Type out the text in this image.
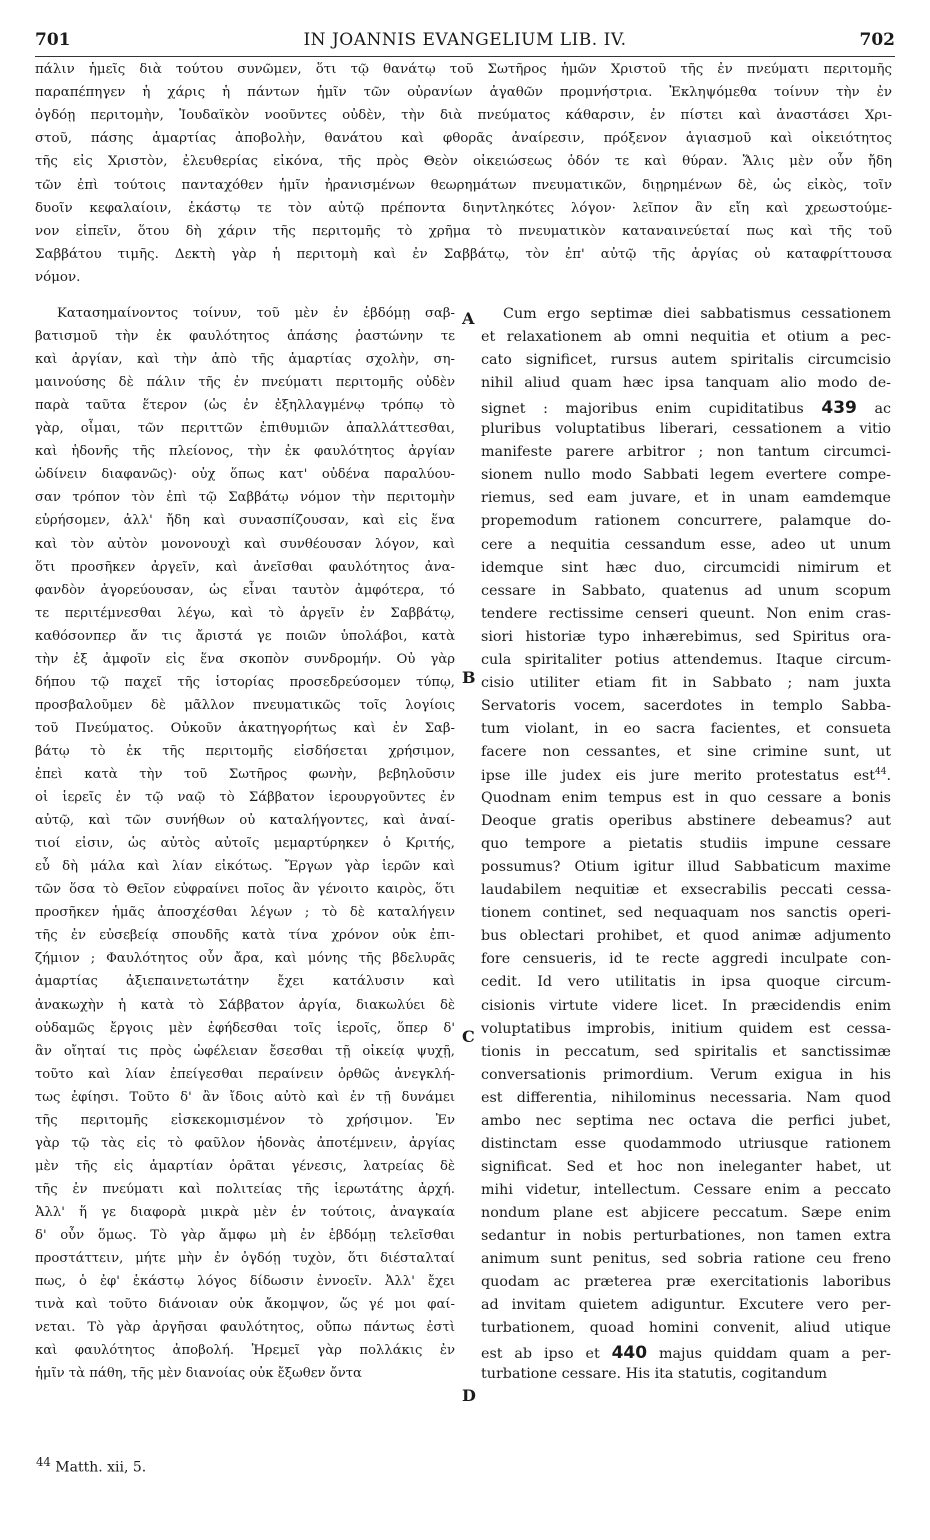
IN JOANNIS EVANGELIUM LIB. IV.
701	702
πάλιν ἡμεῖς διὰ τούτου συνῶμεν, ὅτι τῷ θανάτῳ τοῦ Σωτῆρος ἡμῶν Χριστοῦ τῆς ἐν πνεύματι περιτομῆς
παραπέπηγεν ἡ χάρις ἡ πάντων ἡμῖν τῶν οὐρανίων ἀγαθῶν προμνήστρια. Ἐκληψόμεθα τοίνυν τὴν ἐν
ὀγδόῃ περιτομὴν, Ἰουδαϊκὸν νοοῦντες οὐδὲν, τὴν διὰ πνεύματος κάθαρσιν, ἐν πίστει καὶ ἀναστάσει Χρι-
στοῦ, πάσης ἁμαρτίας ἀποβολὴν, θανάτου καὶ φθορᾶς ἀναίρεσιν, πρόξενον ἁγιασμοῦ καὶ οἰκειότητος
τῆς εἰς Χριστὸν, ἐλευθερίας εἰκόνα, τῆς πρὸς Θεὸν οἰκειώσεως ὁδόν τε καὶ θύραν. Ἅλις μὲν οὖν ἤδη
τῶν ἐπὶ τούτοις πανταχόθεν ἡμῖν ἠρανισμένων θεωρημάτων πνευματικῶν, διῃρημένων δὲ, ὡς εἰκὸς, τοῖν
δυοῖν κεφαλαίοιν, ἑκάστῳ τε τὸν αὐτῷ πρέποντα διηντληκότες λόγον· λεῖπον ἂν εἴη καὶ χρεωστούμε-
νον εἰπεῖν, ὅτου δὴ χάριν τῆς περιτομῆς τὸ χρῆμα τὸ πνευματικὸν καταναινεύεταί πως καὶ τῆς τοῦ
Σαββάτου τιμῆς. Δεκτὴ γὰρ ἡ περιτομὴ καὶ ἐν Σαββάτῳ, τὸν ἐπ' αὐτῷ τῆς ἀργίας οὐ καταφρίττουσα
νόμον.
Κατασημαίνοντος τοίνυν, τοῦ μὲν ἐν ἑβδόμῃ σαβ-
βατισμοῦ τὴν ἐκ φαυλότητος ἁπάσης ῥαστώνην τε
καὶ ἀργίαν, καὶ τὴν ἀπὸ τῆς ἁμαρτίας σχολὴν, ση-
μαινούσης δὲ πάλιν τῆς ἐν πνεύματι περιτομῆς οὐδὲν
παρὰ ταῦτα ἕτερον (ὡς ἐν ἐξηλλαγμένῳ τρόπῳ τὸ
γὰρ, οἶμαι, τῶν περιττῶν ἐπιθυμιῶν ἀπαλλάττεσθαι,
καὶ ἡδονῆς τῆς πλείονος, τὴν ἐκ φαυλότητος ἀργίαν
ὠδίνειν διαφανῶς)· οὐχ ὅπως κατ' οὐδένα παραλύου-
σαν τρόπον τὸν ἐπὶ τῷ Σαββάτῳ νόμον τὴν περιτομὴν
εὑρήσομεν, ἀλλ' ἤδη καὶ συνασπίζουσαν, καὶ εἰς ἕνα
καὶ τὸν αὐτὸν μονονουχὶ καὶ συνθέουσαν λόγον, καὶ
ὅτι προσῆκεν ἀργεῖν, καὶ ἀνεῖσθαι φαυλότητος ἀνα-
φανδὸν ἀγορεύουσαν, ὡς εἶναι ταυτὸν ἀμφότερα, τό
τε περιτέμνεσθαι λέγω, καὶ τὸ ἀργεῖν ἐν Σαββάτῳ,
καθόσονπερ ἄν τις ἄριστά γε ποιῶν ὑπολάβοι, κατὰ
τὴν ἐξ ἀμφοῖν εἰς ἕνα σκοπὸν συνδρομήν. Οὐ γὰρ
δήπου τῷ παχεῖ τῆς ἱστορίας προσεδρεύσομεν τύπῳ,
προσβαλοῦμεν δὲ μᾶλλον πνευματικῶς τοῖς λογίοις
τοῦ Πνεύματος. Οὐκοῦν ἀκατηγορήτως καὶ ἐν Σαβ-
βάτῳ τὸ ἐκ τῆς περιτομῆς εἰσδήσεται χρήσιμον,
ἐπεὶ κατὰ τὴν τοῦ Σωτῆρος φωνὴν, βεβηλοῦσιν
οἱ ἱερεῖς ἐν τῷ ναῷ τὸ Σάββατον ἱερουργοῦντες ἐν
αὐτῷ, καὶ τῶν συνήθων οὐ καταλήγοντες, καὶ ἀναί-
τιοί εἰσιν, ὡς αὐτὸς αὐτοῖς μεμαρτύρηκεν ὁ Κριτής,
εὖ δὴ μάλα καὶ λίαν εἰκότως. Ἔργων γὰρ ἱερῶν καὶ
τῶν ὅσα τὸ Θεῖον εὐφραίνει ποῖος ἂν γένοιτο καιρὸς, ὅτι
προσῆκεν ἡμᾶς ἀποσχέσθαι λέγων ; τὸ δὲ καταλήγειν
τῆς ἐν εὐσεβείᾳ σπουδῆς κατὰ τίνα χρόνον οὐκ ἐπι-
ζήμιον ; Φαυλότητος οὖν ἄρα, καὶ μόνης τῆς βδελυρᾶς
ἁμαρτίας ἀξιεπαινετωτάτην ἔχει κατάλυσιν καὶ
ἀνακωχὴν ἡ κατὰ τὸ Σάββατον ἀργία, διακωλύει δὲ
οὐδαμῶς ἔργοις μὲν ἐφήδεσθαι τοῖς ἱεροῖς, ὅπερ δ'
ἂν οἴηταί τις πρὸς ὠφέλειαν ἔσεσθαι τῇ οἰκείᾳ ψυχῇ,
τοῦτο καὶ λίαν ἐπείγεσθαι περαίνειν ὀρθῶς ἀνεγκλή-
τως ἐφίησι. Τοῦτο δ' ἂν ἴδοις αὐτὸ καὶ ἐν τῇ δυνάμει
τῆς περιτομῆς εἰσκεκομισμένον τὸ χρήσιμον. Ἐν
γὰρ τῷ τὰς εἰς τὸ φαῦλον ἡδονὰς ἀποτέμνειν, ἀργίας
μὲν τῆς εἰς ἁμαρτίαν ὁρᾶται γένεσις, λατρείας δὲ
τῆς ἐν πνεύματι καὶ πολιτείας τῆς ἱερωτάτης ἀρχή.
Ἀλλ' ἥ γε διαφορὰ μικρὰ μὲν ἐν τούτοις, ἀναγκαία
δ' οὖν ὅμως. Τὸ γὰρ ἄμφω μὴ ἐν ἑβδόμῃ τελεῖσθαι
προστάττειν, μήτε μὴν ἐν ὀγδόῃ τυχὸν, ὅτι διέσταλταί
πως, ὁ ἐφ' ἑκάστῳ λόγος δίδωσιν ἐννοεῖν. Ἀλλ' ἔχει
τινὰ καὶ τοῦτο διάνοιαν οὐκ ἄκομψον, ὥς γέ μοι φαί-
νεται. Τὸ γὰρ ἀργῆσαι φαυλότητος, οὔπω πάντως ἐστὶ
καὶ φαυλότητος ἀποβολή. Ἠρεμεῖ γὰρ πολλάκις ἐν
ἡμῖν τὰ πάθη, τῆς μὲν διανοίας οὐκ ἔξωθεν ὄντα
Cum ergo septimæ diei sabbatismus cessationem
et relaxationem ab omni nequitia et otium a pec-
cato significet, rursus autem spiritalis circumcisio
nihil aliud quam hæc ipsa tanquam alio modo de-
signet : majoribus enim cupiditatibus 439 ac
pluribus voluptatibus liberari, cessationem a vitio
manifeste parere arbitror ; non tantum circumci-
sionem nullo modo Sabbati legem evertere compe-
riemus, sed eam juvare, et in unam eamdemque
propemodum rationem concurrere, palamque do-
cere a nequitia cessandum esse, adeo ut unum
idemque sint hæc duo, circumcidi nimirum et
cessare in Sabbato, quatenus ad unum scopum
tendere rectissime censeri queunt. Non enim cras-
siori historiæ typo inhærebimus, sed Spiritus ora-
cula spiritaliter potius attendemus. Itaque circum-
cisio utiliter etiam fit in Sabbato ; nam juxta
Servatoris vocem, sacerdotes in templo Sabba-
tum violant, in eo sacra facientes, et consueta
facere non cessantes, et sine crimine sunt, ut
ipse ille judex eis jure merito protestatus est$^{44}$.
Quodnam enim tempus est in quo cessare a bonis
Deoque gratis operibus abstinere debeamus? aut
quo tempore a pietatis studiis impune cessare
possumus? Otium igitur illud Sabbaticum maxime
laudabilem nequitiæ et exsecrabilis peccati cessa-
tionem continet, sed nequaquam nos sanctis operi-
bus oblectari prohibet, et quod animæ adjumento
fore censueris, id te recte aggredi inculpate con-
cedit. Id vero utilitatis in ipsa quoque circum-
cisionis virtute videre licet. In præcidendis enim
voluptatibus improbis, initium quidem est cessa-
tionis in peccatum, sed spiritalis et sanctissimæ
conversationis primordium. Verum exigua in his
est differentia, nihilominus necessaria. Nam quod
ambo nec septima nec octava die perfici jubet,
distinctam esse quodammodo utriusque rationem
significat. Sed et hoc non ineleganter habet, ut
mihi videtur, intellectum. Cessare enim a peccato
nondum plane est abjicere peccatum. Sæpe enim
sedantur in nobis perturbationes, non tamen extra
animum sunt penitus, sed sobria ratione ceu freno
quodam ac præterea præ exercitationis laboribus
ad invitam quietem adiguntur. Excutere vero per-
turbationem, quoad homini convenit, aliud utique
est ab ipso et 440 majus quiddam quam a per-
turbatione cessare. His ita statutis, cogitandum
A
B
C
D
$^{44}$ Matth. xii, 5.
